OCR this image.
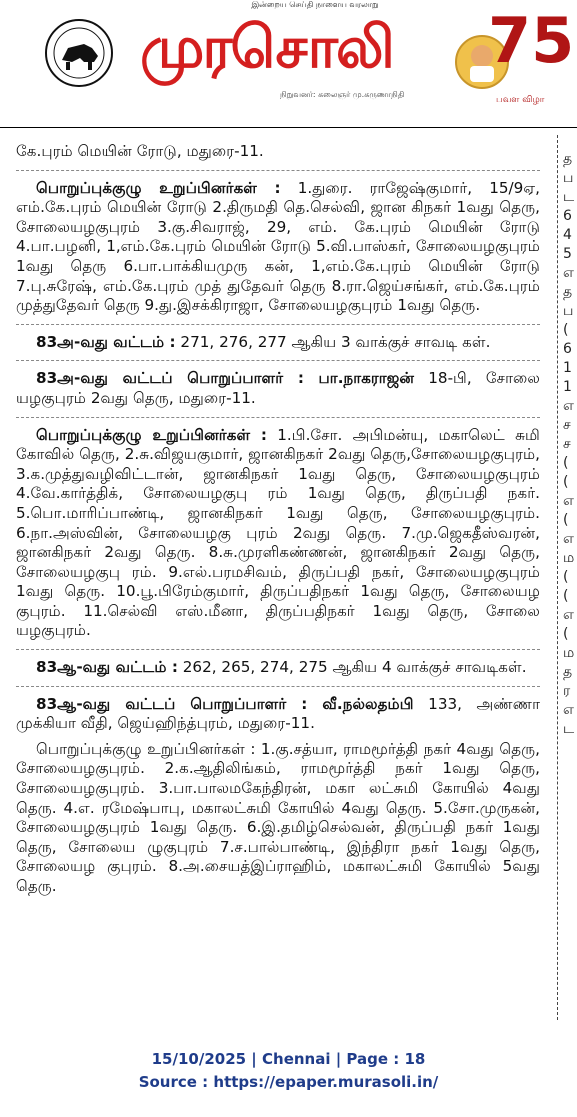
இன்றைய செய்தி நாளைய வரலாறு
முரசொலி
நிறுவனர்: கலைஞர் மு.கருணாநிதி
75
பவள விழா

கே.புரம் மெயின் ரோடு, மதுரை-11.

பொறுப்புக்குழு உறுப்பினர்கள் : 1.துரை. ராஜேஷ்குமார், 15/9ஏ, எம்.கே.புரம் மெயின் ரோடு 2.திருமதி தெ.செல்வி, ஜான கிநகர் 1வது தெரு, சோலையழகுபுரம் 3.கு.சிவராஜ், 29, எம். கே.புரம் மெயின் ரோடு 4.பா.பழனி, 1,எம்.கே.புரம் மெயின் ரோடு 5.வி.பாஸ்கர், சோலையழகுபுரம் 1வது தெரு 6.பா.பாக்கியமுரு கன், 1,எம்.கே.புரம் மெயின் ரோடு 7.பு.சுரேஷ், எம்.கே.புரம் முத் துதேவர் தெரு 8.ரா.ஜெய்சங்கர், எம்.கே.புரம் முத்துதேவர் தெரு 9.து.இசக்கிராஜா, சோலையழகுபுரம் 1வது தெரு.

83அ-வது வட்டம் : 271, 276, 277 ஆகிய 3 வாக்குச் சாவடி கள்.

83அ-வது வட்டப் பொறுப்பாளர் : பா.நாகராஜன் 18-பி, சோலை யழகுபுரம் 2வது தெரு, மதுரை-11.

பொறுப்புக்குழு உறுப்பினர்கள் : 1.பி.சோ. அபிமன்யு, மகாலெட் சுமி கோவில் தெரு, 2.சு.விஜயகுமார், ஜானகிநகர் 2வது தெரு,சோலையழகுபுரம், 3.க.முத்துவழிவிட்டான், ஜானகிநகர் 1வது தெரு, சோலையழகுபுரம் 4.வே.கார்த்திக், சோலையழகுபு ரம் 1வது தெரு, திருப்பதி நகர். 5.பொ.மாரிப்பாண்டி, ஜானகிநகர் 1வது தெரு, சோலையழகுபுரம். 6.நா.அஸ்வின், சோலையழகு புரம் 2வது தெரு. 7.மு.ஜெகதீஸ்வரன், ஜானகிநகர் 2வது தெரு. 8.சு.முரளிகண்ணன், ஜானகிநகர் 2வது தெரு, சோலையழகுபு ரம். 9.எல்.பரமசிவம், திருப்பதி நகர், சோலையழகுபுரம் 1வது தெரு. 10.பூ.பிரேம்குமார், திருப்பதிநகர் 1வது தெரு, சோலையழ குபுரம். 11.செல்வி எஸ்.மீனா, திருப்பதிநகர் 1வது தெரு, சோலை யழகுபுரம்.

83ஆ-வது வட்டம் : 262, 265, 274, 275 ஆகிய 4 வாக்குச் சாவடிகள்.

83ஆ-வது வட்டப் பொறுப்பாளர் : வீ.நல்லதம்பி 133, அண்ணா முக்கியா வீதி, ஜெய்ஹிந்த்புரம், மதுரை-11.

பொறுப்புக்குழு உறுப்பினர்கள் : 1.கு.சத்யா, ராமமூர்த்தி நகர் 4வது தெரு, சோலையழகுபுரம். 2.க.ஆதிலிங்கம், ராமமூர்த்தி நகர் 1வது தெரு, சோலையழகுபுரம். 3.பா.பாலமகேந்திரன், மகா லட்சுமி கோயில் 4வது தெரு. 4.எ. ரமேஷ்பாபு, மகாலட்சுமி கோயில் 4வது தெரு. 5.சோ.முருகன், சோலையழகுபுரம் 1வது தெரு. 6.இ.தமிழ்செல்வன், திருப்பதி நகர் 1வது தெரு, சோலைய ழுகுபுரம் 7.ச.பால்பாண்டி, இந்திரா நகர் 1வது தெரு, சோலையழ குபுரம். 8.அ.சையத்இப்ராஹிம், மகாலட்சுமி கோயில் 5வது தெரு.

த
ப
ட
6
4
5
எ
த
ப
(
6
1
1
எ
ச
ச
(
(
எ
(
எ
ம
(
(
எ
(
ம
த
ர
எ
ட
15/10/2025 | Chennai | Page : 18
Source : https://epaper.murasoli.in/
